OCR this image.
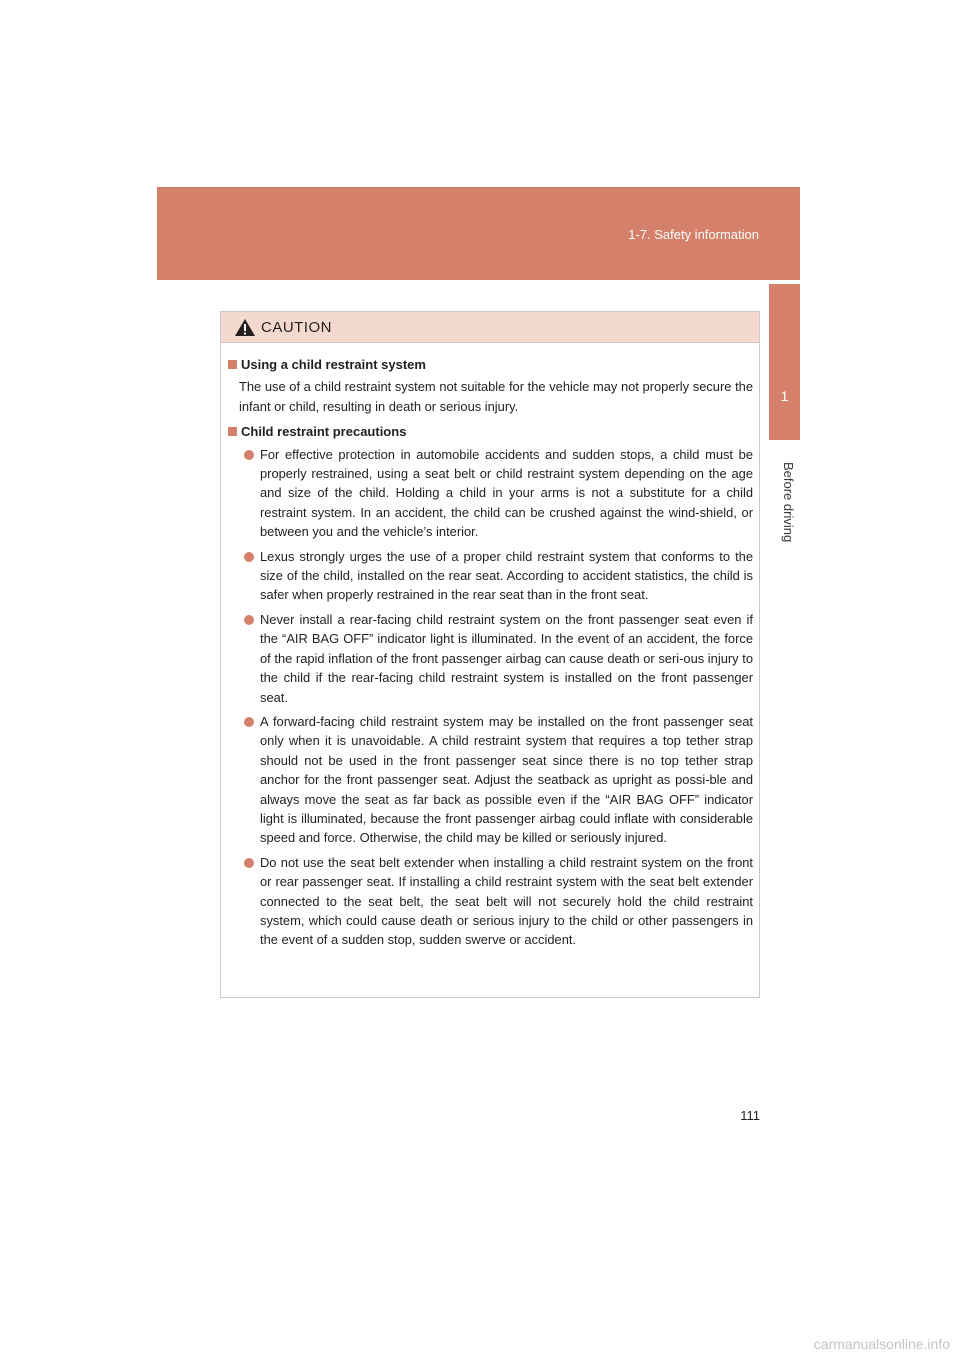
1-7. Safety information
1
Before driving
CAUTION
Using a child restraint system
The use of a child restraint system not suitable for the vehicle may not properly secure the infant or child, resulting in death or serious injury.
Child restraint precautions
For effective protection in automobile accidents and sudden stops, a child must be properly restrained, using a seat belt or child restraint system depending on the age and size of the child. Holding a child in your arms is not a substitute for a child restraint system. In an accident, the child can be crushed against the wind-shield, or between you and the vehicle’s interior.
Lexus strongly urges the use of a proper child restraint system that conforms to the size of the child, installed on the rear seat. According to accident statistics, the child is safer when properly restrained in the rear seat than in the front seat.
Never install a rear-facing child restraint system on the front passenger seat even if the “AIR BAG OFF” indicator light is illuminated. In the event of an accident, the force of the rapid inflation of the front passenger airbag can cause death or seri-ous injury to the child if the rear-facing child restraint system is installed on the front passenger seat.
A forward-facing child restraint system may be installed on the front passenger seat only when it is unavoidable. A child restraint system that requires a top tether strap should not be used in the front passenger seat since there is no top tether strap anchor for the front passenger seat. Adjust the seatback as upright as possi-ble and always move the seat as far back as possible even if the “AIR BAG OFF” indicator light is illuminated, because the front passenger airbag could inflate with considerable speed and force. Otherwise, the child may be killed or seriously injured.
Do not use the seat belt extender when installing a child restraint system on the front or rear passenger seat. If installing a child restraint system with the seat belt extender connected to the seat belt, the seat belt will not securely hold the child restraint system, which could cause death or serious injury to the child or other passengers in the event of a sudden stop, sudden swerve or accident.
111
carmanualsonline.info
